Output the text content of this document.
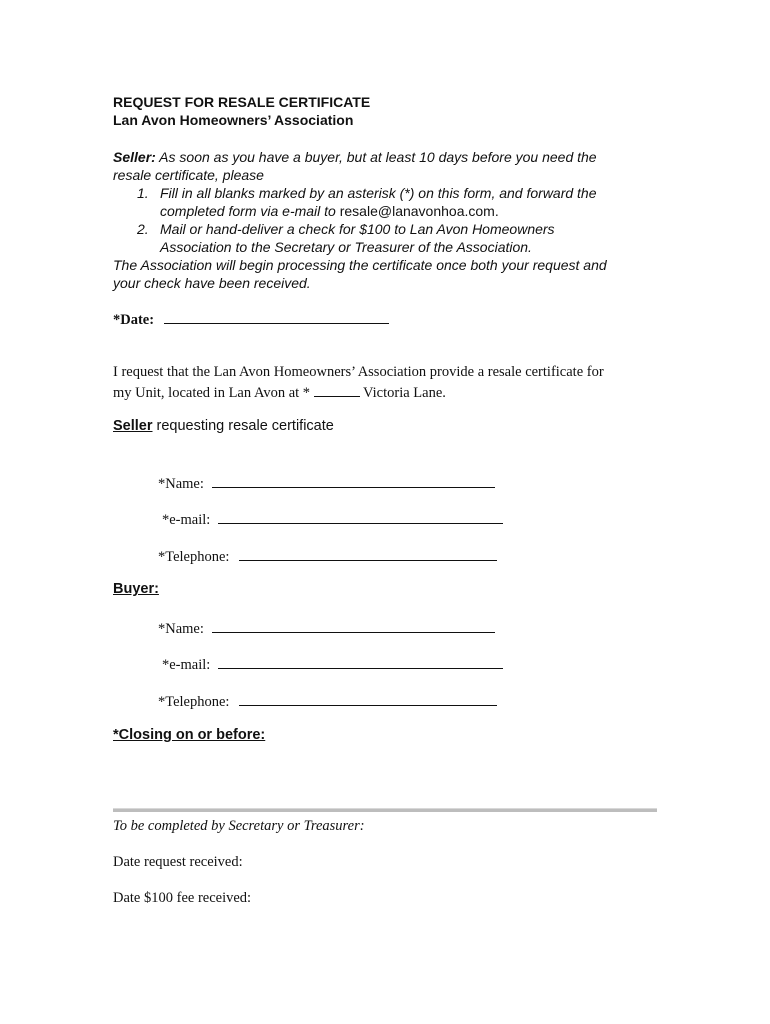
REQUEST FOR RESALE CERTIFICATE
Lan Avon Homeowners’ Association
Seller: As soon as you have a buyer, but at least 10 days before you need the
resale certificate, please
1. Fill in all blanks marked by an asterisk (*) on this form, and forward the
completed form via e-mail to resale@lanavonhoa.com.
2. Mail or hand-deliver a check for $100 to Lan Avon Homeowners
Association to the Secretary or Treasurer of the Association.
The Association will begin processing the certificate once both your request and
your check have been received.
*Date:
I request that the Lan Avon Homeowners’ Association provide a resale certificate for
my Unit, located in Lan Avon at *	Victoria Lane.
Seller requesting resale certificate
*Name:
*e-mail:
*Telephone:
Buyer:
*Name:
*e-mail:
*Telephone:
*Closing on or before:
To be completed by Secretary or Treasurer:
Date request received:
Date $100 fee received:
